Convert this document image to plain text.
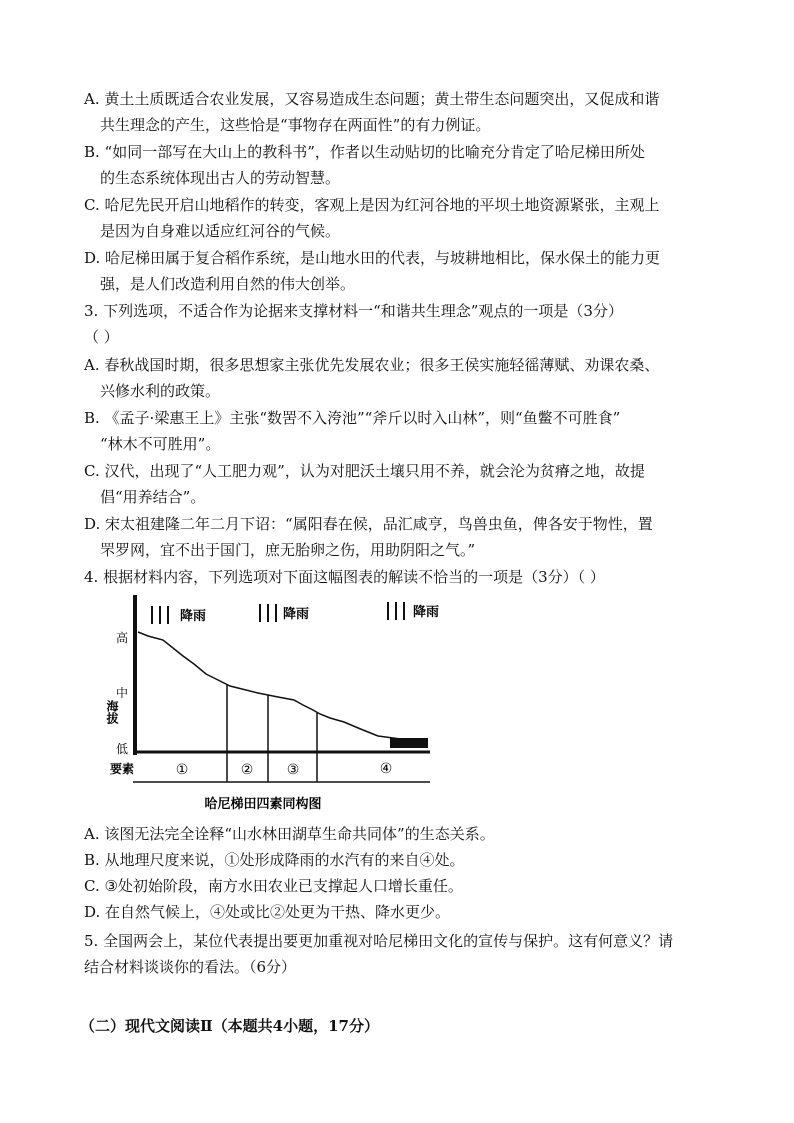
A. 黄土土质既适合农业发展，又容易造成生态问题；黄土带生态问题突出，又促成和谐
共生理念的产生，这些恰是“事物存在两面性”的有力例证。
B. “如同一部写在大山上的教科书”，作者以生动贴切的比喻充分肯定了哈尼梯田所处
的生态系统体现出古人的劳动智慧。
C. 哈尼先民开启山地稻作的转变，客观上是因为红河谷地的平坝土地资源紧张，主观上
是因为自身难以适应红河谷的气候。
D. 哈尼梯田属于复合稻作系统，是山地水田的代表，与坡耕地相比，保水保土的能力更
强，是人们改造利用自然的伟大创举。
3. 下列选项，不适合作为论据来支撑材料一“和谐共生理念”观点的一项是（3分）
（ ）
A. 春秋战国时期，很多思想家主张优先发展农业；很多王侯实施轻徭薄赋、劝课农桑、
兴修水利的政策。
B. 《孟子·梁惠王上》主张“数罟不入洿池”“斧斤以时入山林”，则“鱼鳖不可胜食”
“林木不可胜用”。
C. 汉代，出现了“人工肥力观”，认为对肥沃土壤只用不养，就会沦为贫瘠之地，故提
倡“用养结合”。
D. 宋太祖建隆二年二月下诏：“属阳春在候，品汇咸亨，鸟兽虫鱼，俾各安于物性，置
罘罗网，宜不出于国门，庶无胎卵之伤，用助阴阳之气。”
4. 根据材料内容，下列选项对下面这幅图表的解读不恰当的一项是（3分）（ ）
降雨	降雨	降雨
海拔
高
中
低
要素	①	② ③	④
哈尼梯田四素同构图
A. 该图无法完全诠释“山水林田湖草生命共同体”的生态关系。
B. 从地理尺度来说，①处形成降雨的水汽有的来自④处。
C. ③处初始阶段，南方水田农业已支撑起人口增长重任。
D. 在自然气候上，④处或比②处更为干热、降水更少。
5. 全国两会上，某位代表提出要更加重视对哈尼梯田文化的宣传与保护。这有何意义？请
结合材料谈谈你的看法。（6分）
（二）现代文阅读Ⅱ（本题共4小题，17分）
